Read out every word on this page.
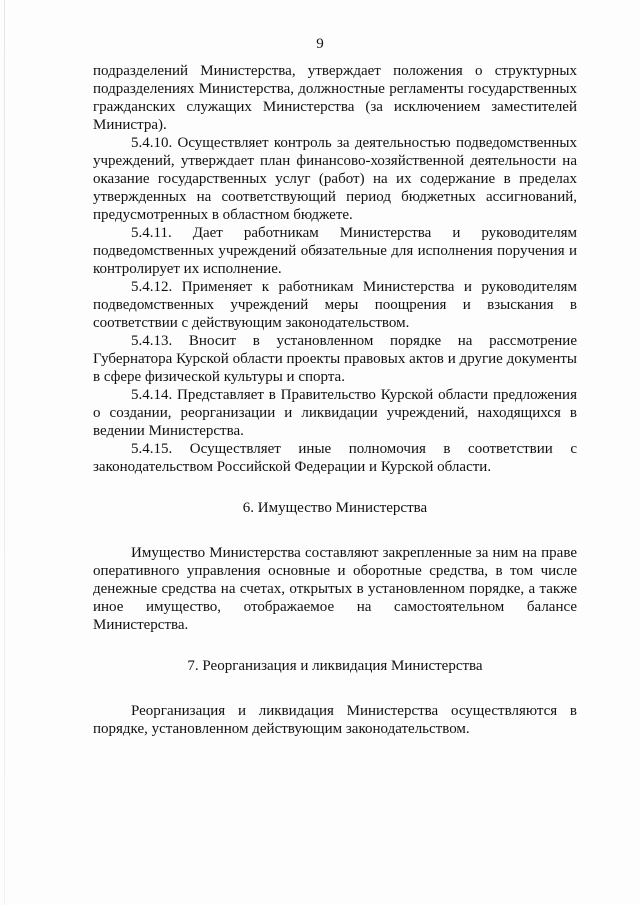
9

подразделений Министерства, утверждает положения о структурных подразделениях Министерства, должностные регламенты государственных гражданских служащих Министерства (за исключением заместителей Министра).

5.4.10. Осуществляет контроль за деятельностью подведомственных учреждений, утверждает план финансово-хозяйственной деятельности на оказание государственных услуг (работ) на их содержание в пределах утвержденных на соответствующий период бюджетных ассигнований, предусмотренных в областном бюджете.

5.4.11. Дает работникам Министерства и руководителям подведомственных учреждений обязательные для исполнения поручения и контролирует их исполнение.

5.4.12. Применяет к работникам Министерства и руководителям подведомственных учреждений меры поощрения и взыскания в соответствии с действующим законодательством.

5.4.13. Вносит в установленном порядке на рассмотрение Губернатора Курской области проекты правовых актов и другие документы в сфере физической культуры и спорта.

5.4.14. Представляет в Правительство Курской области предложения о создании, реорганизации и ликвидации учреждений, находящихся в ведении Министерства.

5.4.15. Осуществляет иные полномочия в соответствии с законодательством Российской Федерации и Курской области.

6. Имущество Министерства

Имущество Министерства составляют закрепленные за ним на праве оперативного управления основные и оборотные средства, в том числе денежные средства на счетах, открытых в установленном порядке, а также иное имущество, отображаемое на самостоятельном балансе Министерства.

7. Реорганизация и ликвидация Министерства

Реорганизация и ликвидация Министерства осуществляются в порядке, установленном действующим законодательством.
